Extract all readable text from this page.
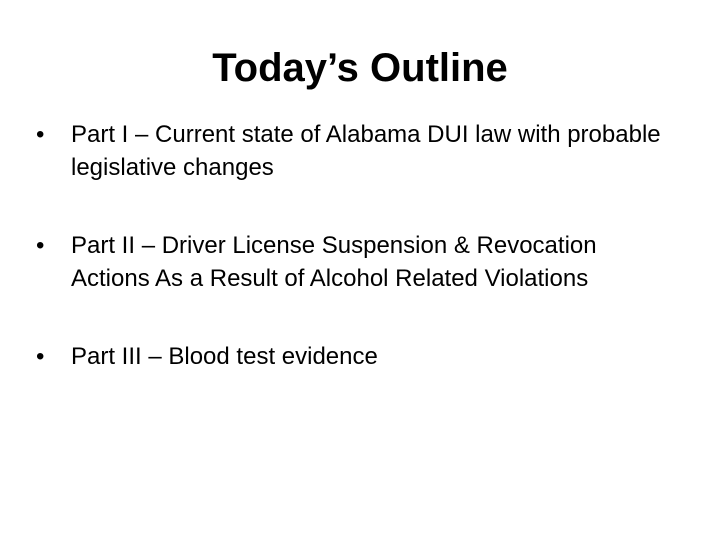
Today’s Outline
•	Part I – Current state of Alabama DUI law with probable legislative changes
•	Part II – Driver License Suspension & Revocation Actions As a Result of Alcohol Related Violations
•	Part III – Blood test evidence
